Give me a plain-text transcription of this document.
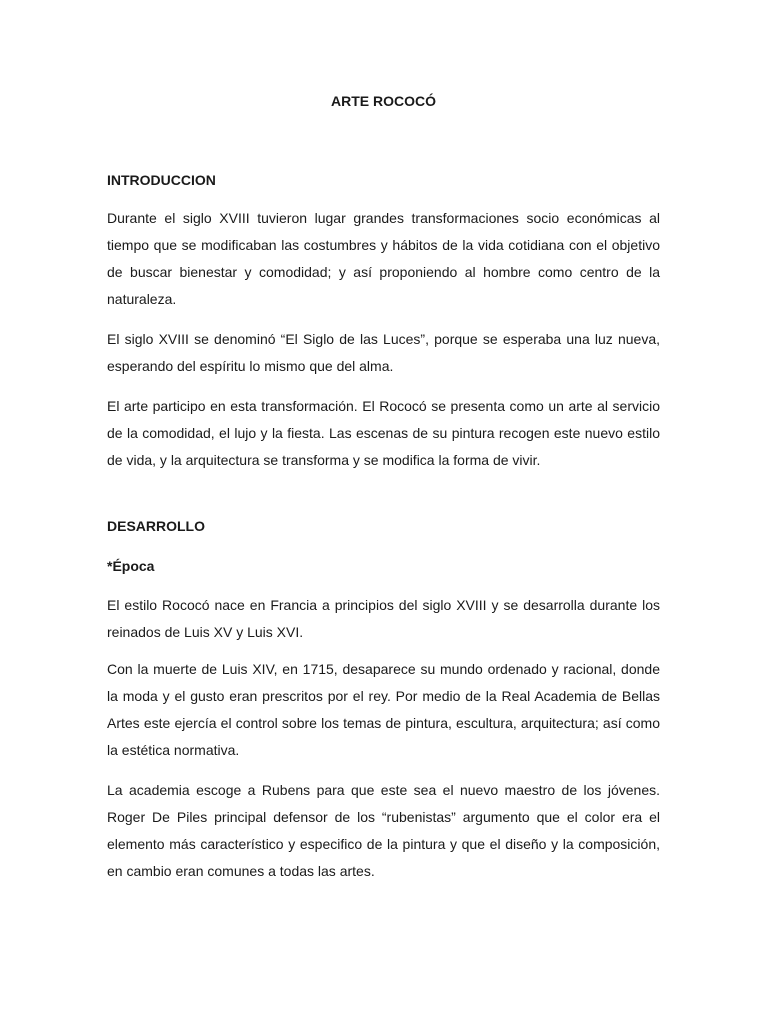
ARTE ROCOCÓ
INTRODUCCION

Durante el siglo XVIII tuvieron lugar grandes transformaciones socio económicas al tiempo que se modificaban las costumbres y hábitos de la vida cotidiana con el objetivo de buscar bienestar y comodidad; y así proponiendo al hombre como centro de la naturaleza.

El siglo XVIII se denominó “El Siglo de las Luces”, porque se esperaba una luz nueva, esperando del espíritu lo mismo que del alma.

El arte participo en esta transformación. El Rococó se presenta como un arte al servicio de la comodidad, el lujo y la fiesta. Las escenas de su pintura recogen este nuevo estilo de vida, y la arquitectura se transforma y se modifica la forma de vivir.

DESARROLLO
*Época

El estilo Rococó nace en Francia a principios del siglo XVIII y se desarrolla durante los reinados de Luis XV y Luis XVI.

Con la muerte de Luis XIV, en 1715, desaparece su mundo ordenado y racional, donde la moda y el gusto eran prescritos por el rey. Por medio de la Real Academia de Bellas Artes este ejercía el control sobre los temas de pintura, escultura, arquitectura; así como la estética normativa.

La academia escoge a Rubens para que este sea el nuevo maestro de los jóvenes. Roger De Piles principal defensor de los “rubenistas” argumento que el color era el elemento más característico y especifico de la pintura y que el diseño y la composición, en cambio eran comunes a todas las artes.
